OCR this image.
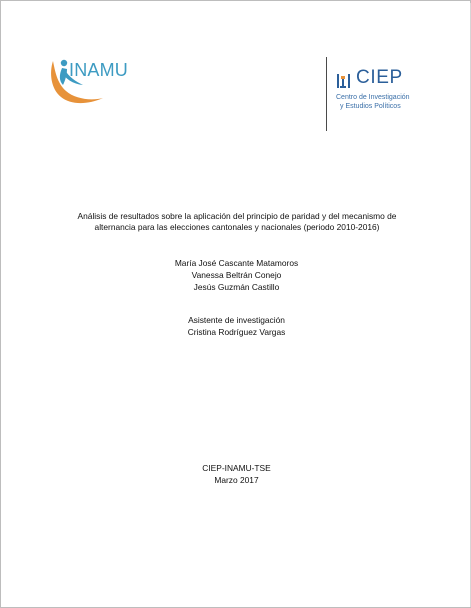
INAMU	CIEP
Centro de Investigación
y Estudios Políticos
Análisis de resultados sobre la aplicación del principio de paridad y del mecanismo de
alternancia para las elecciones cantonales y nacionales (periodo 2010-2016)
María José Cascante Matamoros
Vanessa Beltrán Conejo
Jesús Guzmán Castillo
Asistente de investigación
Cristina Rodríguez Vargas
CIEP-INAMU-TSE
Marzo 2017
